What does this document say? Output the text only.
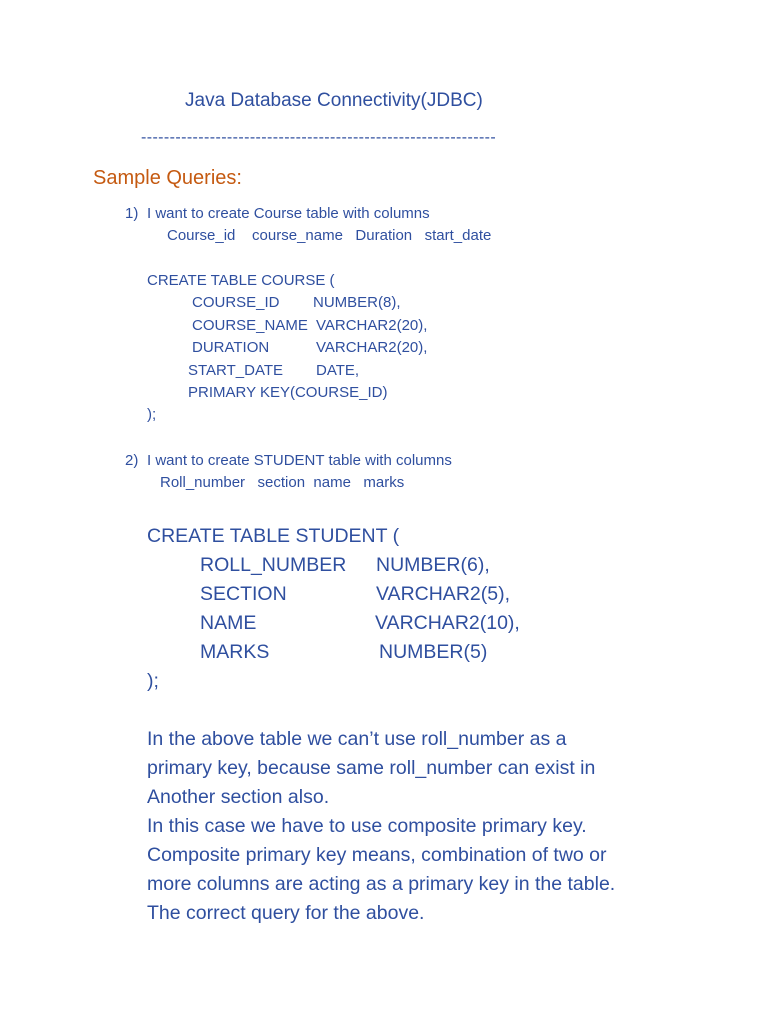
Java Database Connectivity(JDBC)
--------------------------------------------------------------
Sample Queries:
1) I want to create Course table with columns
Course_id    course_name   Duration   start_date
CREATE TABLE COURSE (
COURSE_ID NUMBER(8),
COURSE_NAME VARCHAR2(20),
DURATION	VARCHAR2(20),
START_DATE DATE,
PRIMARY KEY(COURSE_ID)
);
2) I want to create STUDENT table with columns
Roll_number   section  name   marks
CREATE TABLE STUDENT (
ROLL_NUMBER NUMBER(6),
SECTION	VARCHAR2(5),
NAME	VARCHAR2(10),
MARKS	NUMBER(5)
);
In the above table we can’t use roll_number as a
primary key, because same roll_number can exist in
Another section also.
In this case we have to use composite primary key.
Composite primary key means, combination of two or
more columns are acting as a primary key in the table.
The correct query for the above.
